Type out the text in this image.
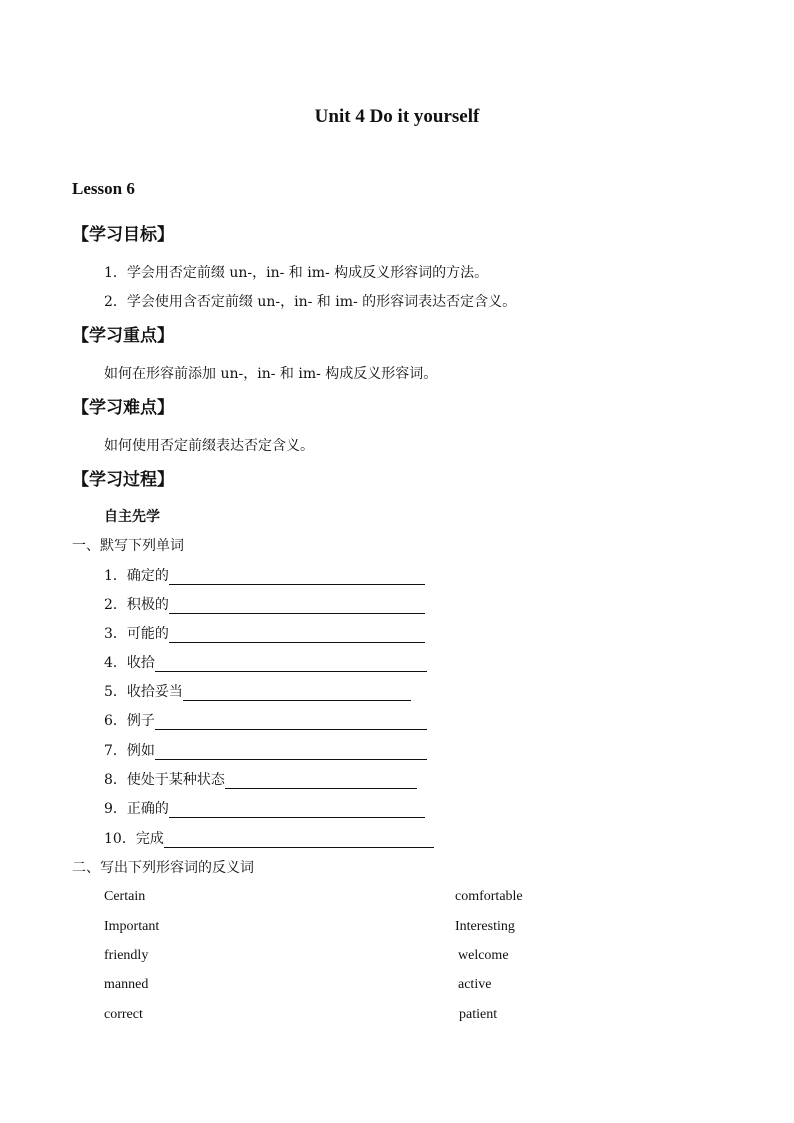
Unit 4 Do it yourself
Lesson 6
【学习目标】
1．学会用否定前缀 un-，in- 和 im- 构成反义形容词的方法。
2．学会使用含否定前缀 un-，in- 和 im- 的形容词表达否定含义。
【学习重点】
如何在形容前添加 un-，in- 和 im- 构成反义形容词。
【学习难点】
如何使用否定前缀表达否定含义。
【学习过程】
自主先学
一、默写下列单词
1．确定的
2．积极的
3．可能的
4．收拾
5．收拾妥当
6．例子
7．例如
8．使处于某种状态
9．正确的
10．完成
二、写出下列形容词的反义词
Certain
Important
friendly
manned
correct
comfortable
Interesting
welcome
active
patient
